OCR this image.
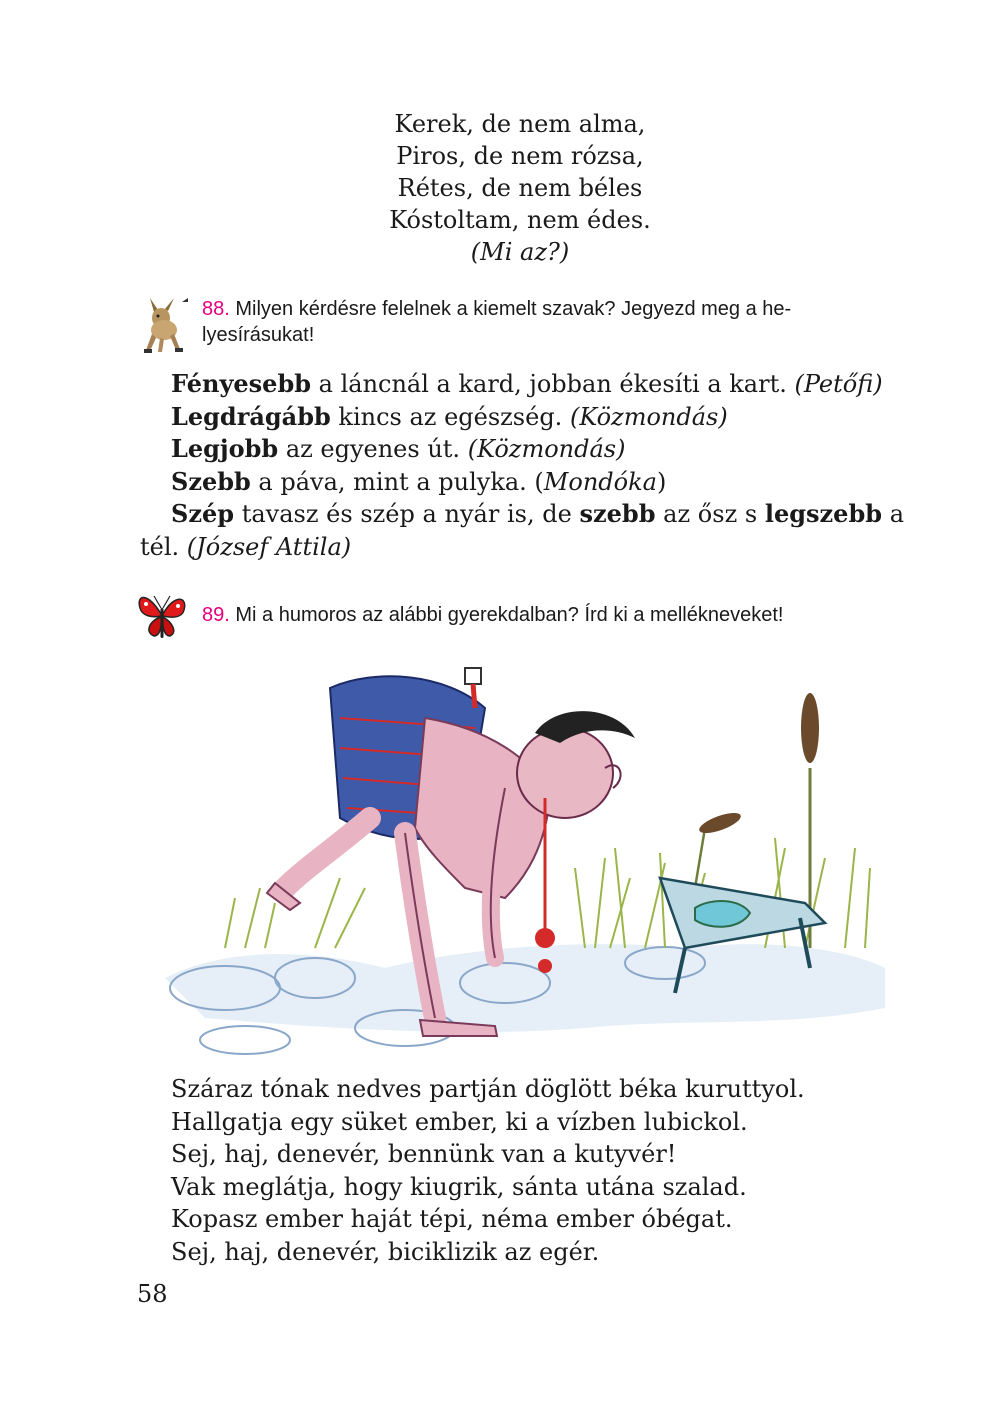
Kerek, de nem alma,
Piros, de nem rózsa,
Rétes, de nem béles
Kóstoltam, nem édes.
(Mi az?)
88. Milyen kérdésre felelnek a kiemelt szavak? Jegyezd meg a he-
lyesírásukat!

Fényesebb a láncnál a kard, jobban ékesíti a kart. (Petőfi)

Legdrágább kincs az egészség. (Közmondás)

Legjobb az egyenes út. (Közmondás)

Szebb a páva, mint a pulyka. (Mondóka)

Szép tavasz és szép a nyár is, de szebb az ősz s legszebb a tél. (József Attila)

89. Mi a humoros az alábbi gyerekdalban? Írd ki a mellékneveket!
Száraz tónak nedves partján döglött béka kuruttyol.
Hallgatja egy süket ember, ki a vízben lubickol.
Sej, haj, denevér, bennünk van a kutyvér!
Vak meglátja, hogy kiugrik, sánta utána szalad.
Kopasz ember haját tépi, néma ember óbégat.
Sej, haj, denevér, biciklizik az egér.
58
